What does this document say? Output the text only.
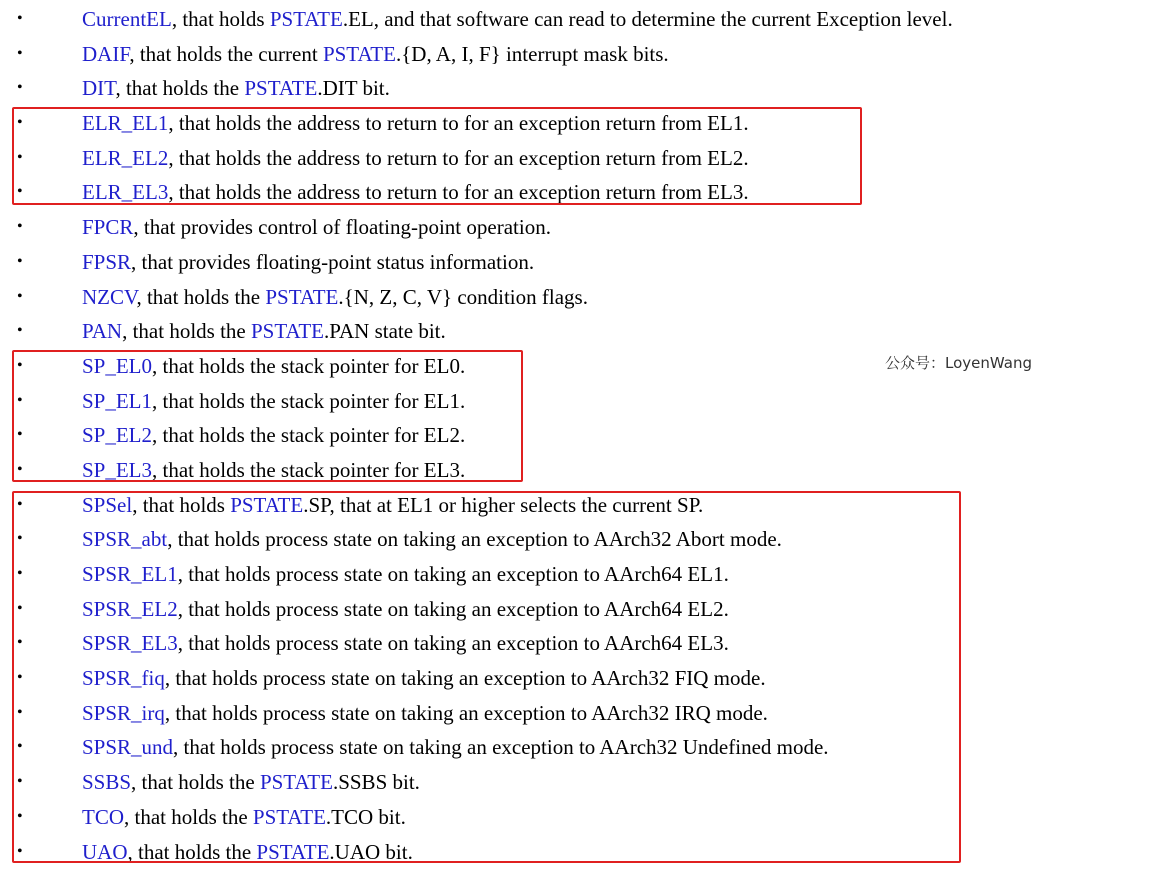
•	CurrentEL, that holds PSTATE.EL, and that software can read to determine the current Exception level.
•	DAIF, that holds the current PSTATE.{D, A, I, F} interrupt mask bits.
•	DIT, that holds the PSTATE.DIT bit.
•	ELR_EL1, that holds the address to return to for an exception return from EL1.
•	ELR_EL2, that holds the address to return to for an exception return from EL2.
•	ELR_EL3, that holds the address to return to for an exception return from EL3.
•	FPCR, that provides control of floating-point operation.
•	FPSR, that provides floating-point status information.
•	NZCV, that holds the PSTATE.{N, Z, C, V} condition flags.
•	PAN, that holds the PSTATE.PAN state bit.
•	SP_EL0, that holds the stack pointer for EL0.
•	SP_EL1, that holds the stack pointer for EL1.
•	SP_EL2, that holds the stack pointer for EL2.
•	SP_EL3, that holds the stack pointer for EL3.
•	SPSel, that holds PSTATE.SP, that at EL1 or higher selects the current SP.
•	SPSR_abt, that holds process state on taking an exception to AArch32 Abort mode.
•	SPSR_EL1, that holds process state on taking an exception to AArch64 EL1.
•	SPSR_EL2, that holds process state on taking an exception to AArch64 EL2.
•	SPSR_EL3, that holds process state on taking an exception to AArch64 EL3.
•	SPSR_fiq, that holds process state on taking an exception to AArch32 FIQ mode.
•	SPSR_irq, that holds process state on taking an exception to AArch32 IRQ mode.
•	SPSR_und, that holds process state on taking an exception to AArch32 Undefined mode.
•	SSBS, that holds the PSTATE.SSBS bit.
•	TCO, that holds the PSTATE.TCO bit.
•	UAO, that holds the PSTATE.UAO bit.
公众号：LoyenWang
